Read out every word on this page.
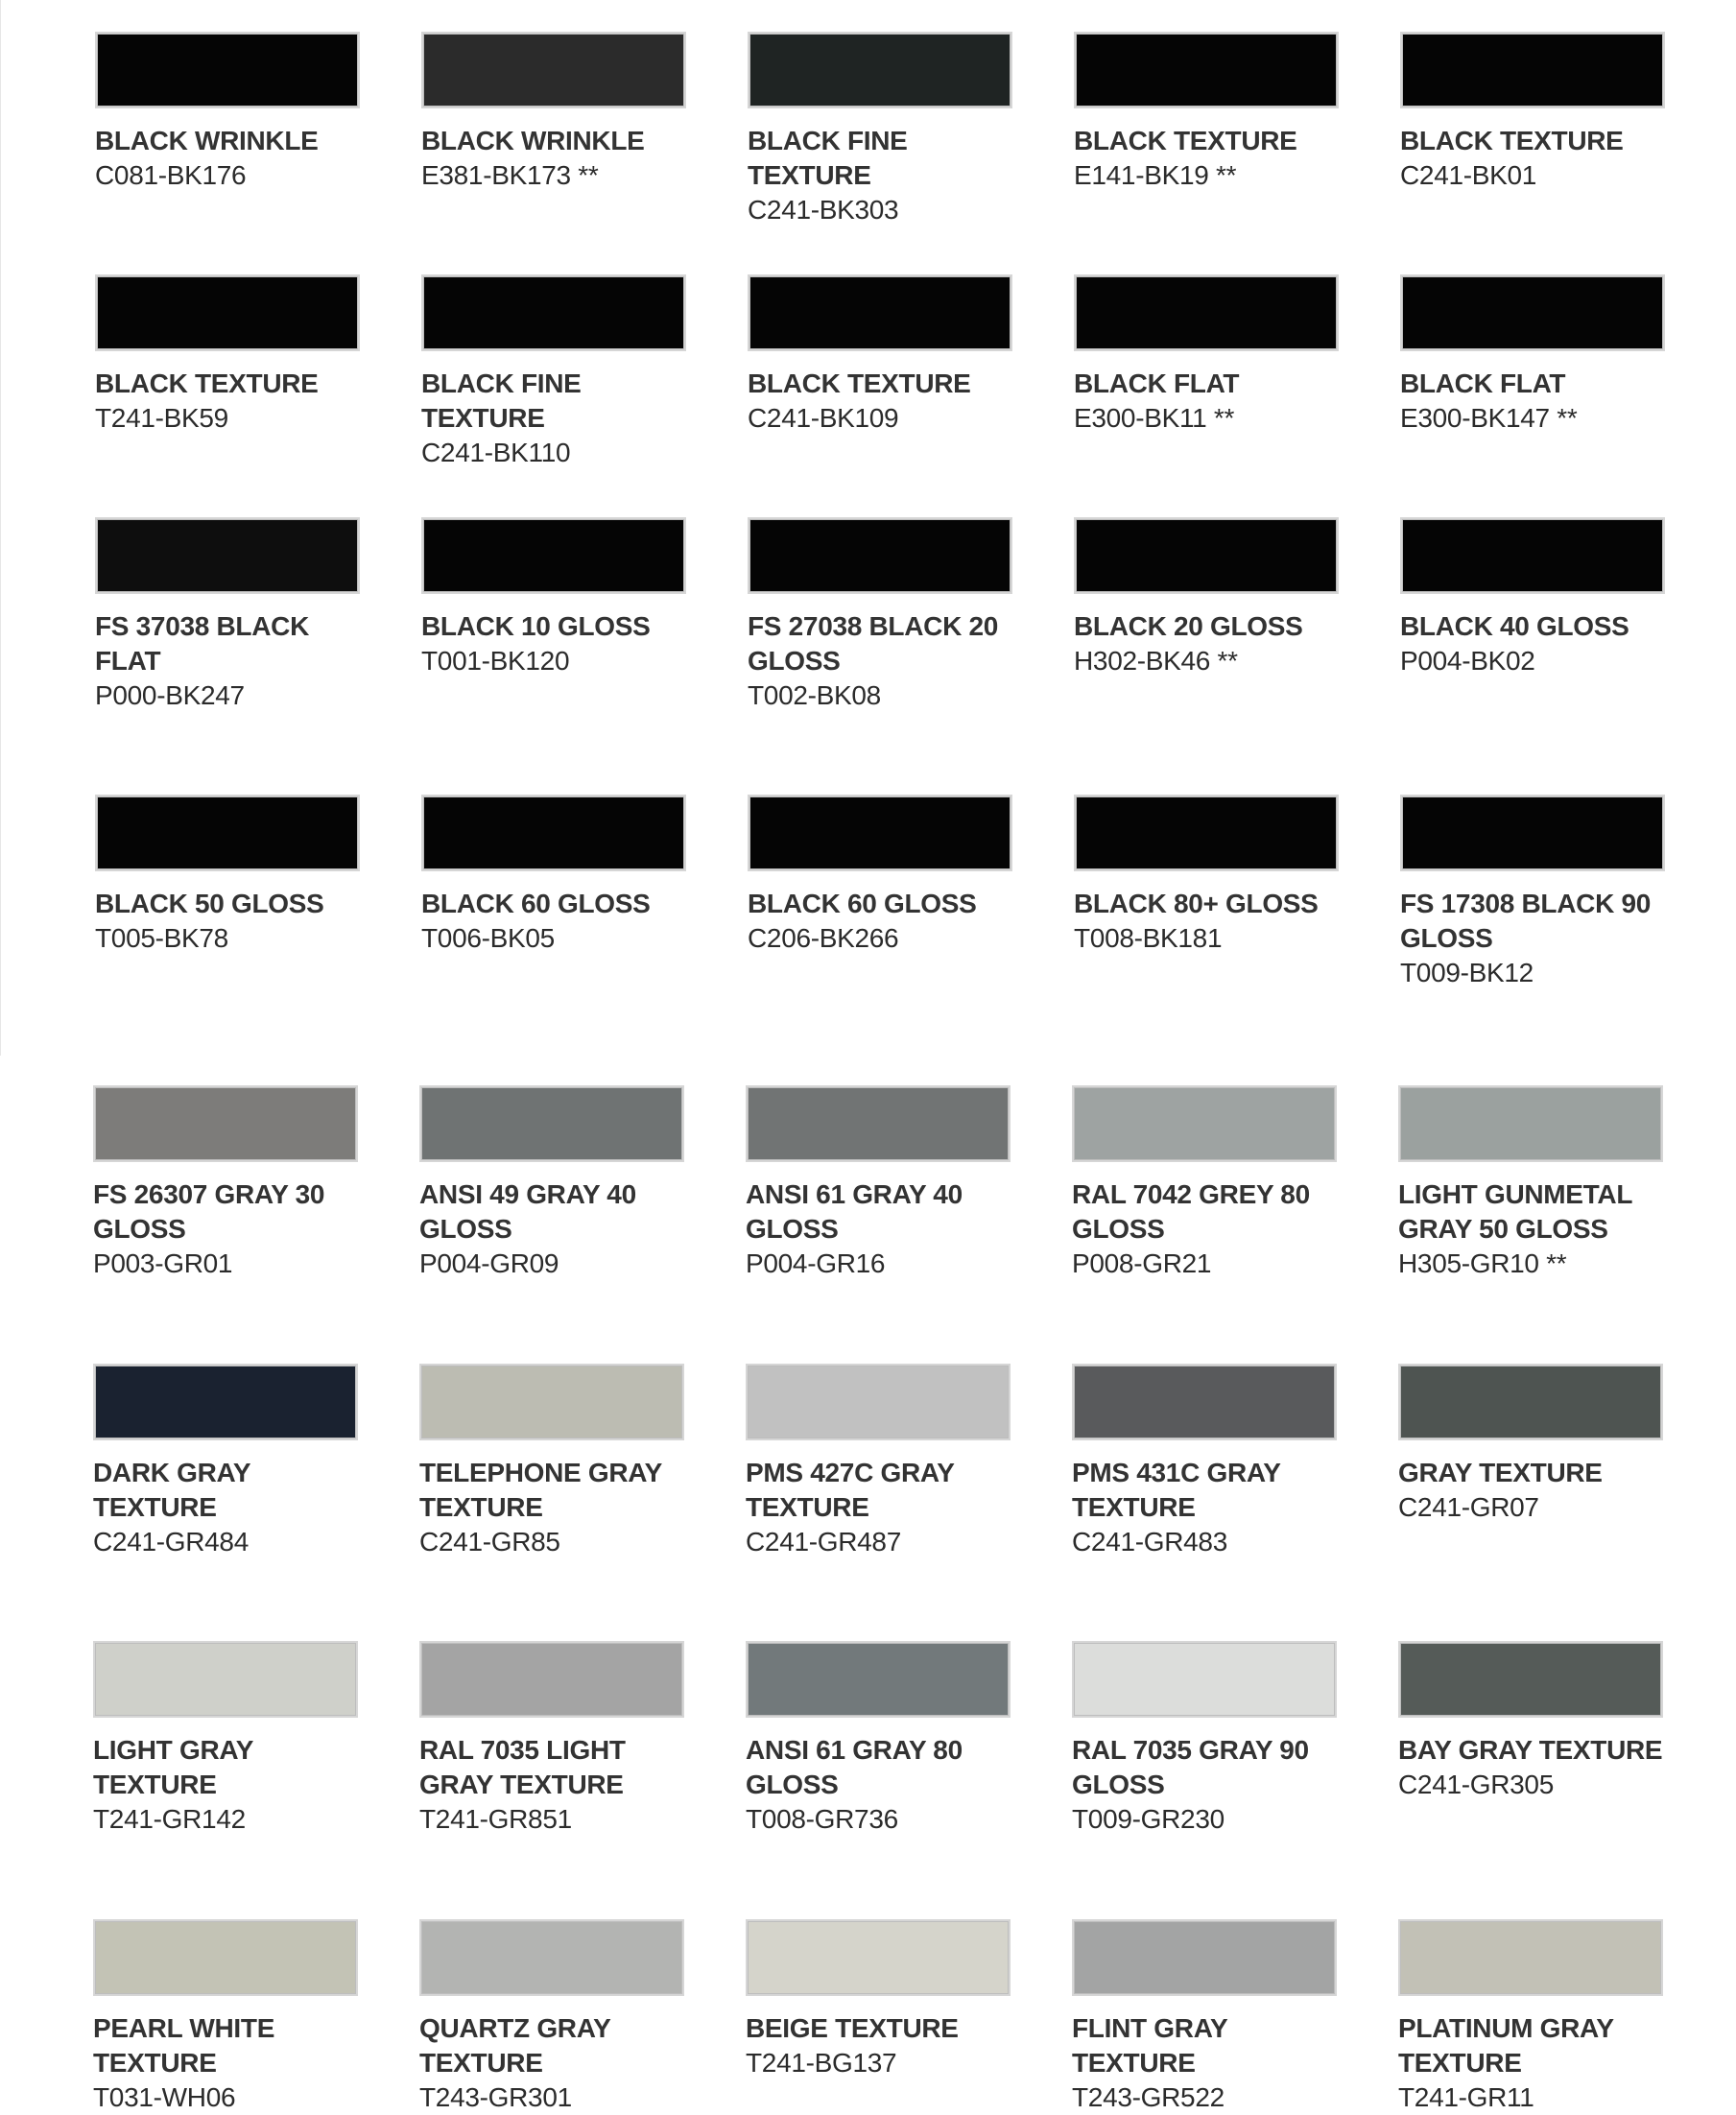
BLACK WRINKLE
C081-BK176
BLACK WRINKLE
E381-BK173 **
BLACK FINE TEXTURE
C241-BK303
BLACK TEXTURE
E141-BK19 **
BLACK TEXTURE
C241-BK01
BLACK TEXTURE
T241-BK59
BLACK FINE TEXTURE
C241-BK110
BLACK TEXTURE
C241-BK109
BLACK FLAT
E300-BK11 **
BLACK FLAT
E300-BK147 **
FS 37038 BLACK FLAT
P000-BK247
BLACK 10 GLOSS
T001-BK120
FS 27038 BLACK 20 GLOSS
T002-BK08
BLACK 20 GLOSS
H302-BK46 **
BLACK 40 GLOSS
P004-BK02
BLACK 50 GLOSS
T005-BK78
BLACK 60 GLOSS
T006-BK05
BLACK 60 GLOSS
C206-BK266
BLACK 80+ GLOSS
T008-BK181
FS 17308 BLACK 90 GLOSS
T009-BK12
FS 26307 GRAY 30 GLOSS
P003-GR01
ANSI 49 GRAY 40 GLOSS
P004-GR09
ANSI 61 GRAY 40 GLOSS
P004-GR16
RAL 7042 GREY 80 GLOSS
P008-GR21
LIGHT GUNMETAL GRAY 50 GLOSS
H305-GR10 **
DARK GRAY TEXTURE
C241-GR484
TELEPHONE GRAY TEXTURE
C241-GR85
PMS 427C GRAY TEXTURE
C241-GR487
PMS 431C GRAY TEXTURE
C241-GR483
GRAY TEXTURE
C241-GR07
LIGHT GRAY TEXTURE
T241-GR142
RAL 7035 LIGHT GRAY TEXTURE
T241-GR851
ANSI 61 GRAY 80 GLOSS
T008-GR736
RAL 7035 GRAY 90 GLOSS
T009-GR230
BAY GRAY TEXTURE
C241-GR305
PEARL WHITE TEXTURE
T031-WH06
QUARTZ GRAY TEXTURE
T243-GR301
BEIGE TEXTURE
T241-BG137
FLINT GRAY TEXTURE
T243-GR522
PLATINUM GRAY TEXTURE
T241-GR11
